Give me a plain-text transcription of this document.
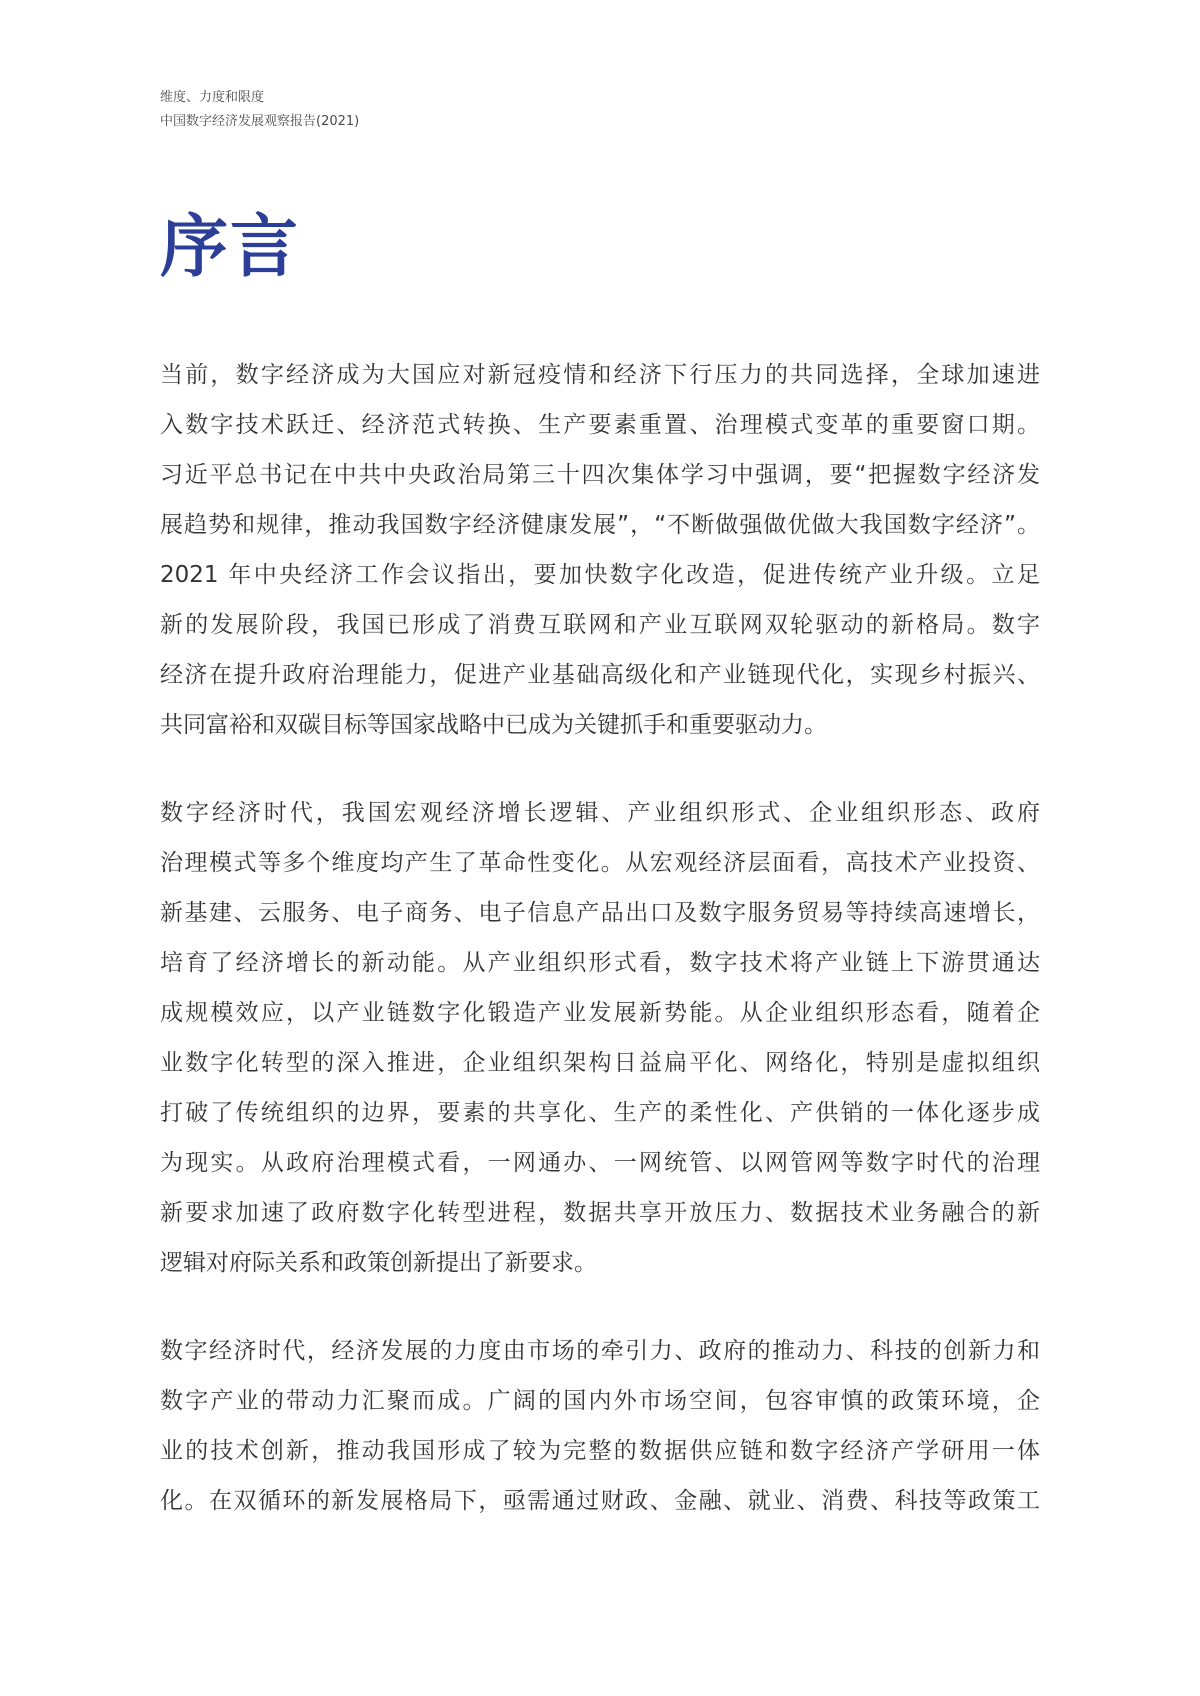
维度、力度和限度
中国数字经济发展观察报告(2021)
序言

当前，数字经济成为大国应对新冠疫情和经济下行压力的共同选择，全球加速进
入数字技术跃迁、经济范式转换、生产要素重置、治理模式变革的重要窗口期。
习近平总书记在中共中央政治局第三十四次集体学习中强调，要“把握数字经济发
展趋势和规律，推动我国数字经济健康发展”，“不断做强做优做大我国数字经济”。
2021 年中央经济工作会议指出，要加快数字化改造，促进传统产业升级。立足
新的发展阶段，我国已形成了消费互联网和产业互联网双轮驱动的新格局。数字
经济在提升政府治理能力，促进产业基础高级化和产业链现代化，实现乡村振兴、
共同富裕和双碳目标等国家战略中已成为关键抓手和重要驱动力。

数字经济时代，我国宏观经济增长逻辑、产业组织形式、企业组织形态、政府
治理模式等多个维度均产生了革命性变化。从宏观经济层面看，高技术产业投资、
新基建、云服务、电子商务、电子信息产品出口及数字服务贸易等持续高速增长，
培育了经济增长的新动能。从产业组织形式看，数字技术将产业链上下游贯通达
成规模效应，以产业链数字化锻造产业发展新势能。从企业组织形态看，随着企
业数字化转型的深入推进，企业组织架构日益扁平化、网络化，特别是虚拟组织
打破了传统组织的边界，要素的共享化、生产的柔性化、产供销的一体化逐步成
为现实。从政府治理模式看，一网通办、一网统管、以网管网等数字时代的治理
新要求加速了政府数字化转型进程，数据共享开放压力、数据技术业务融合的新
逻辑对府际关系和政策创新提出了新要求。

数字经济时代，经济发展的力度由市场的牵引力、政府的推动力、科技的创新力和
数字产业的带动力汇聚而成。广阔的国内外市场空间，包容审慎的政策环境，企
业的技术创新，推动我国形成了较为完整的数据供应链和数字经济产学研用一体
化。在双循环的新发展格局下，亟需通过财政、金融、就业、消费、科技等政策工
